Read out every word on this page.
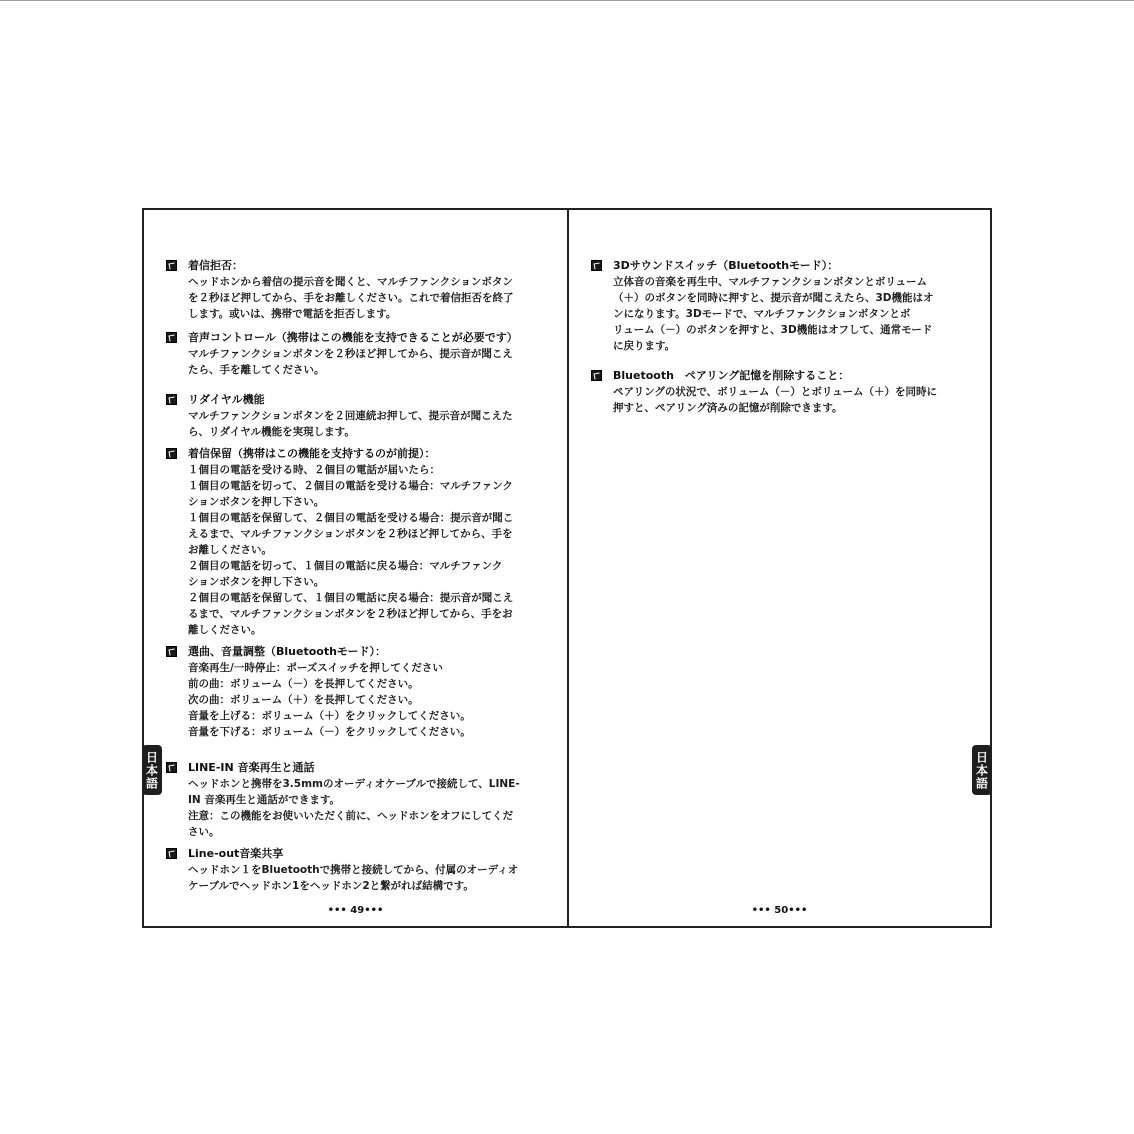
着信拒否：
ヘッドホンから着信の提示音を聞くと、マルチファンクションボタン
を２秒ほど押してから、手をお離しください。これで着信拒否を終了
します。或いは、携帯で電話を拒否します。
音声コントロール（携帯はこの機能を支持できることが必要です）
マルチファンクションボタンを２秒ほど押してから、提示音が聞こえ
たら、手を離してください。
リダイヤル機能
マルチファンクションボタンを２回連続お押して、提示音が聞こえた
ら、リダイヤル機能を実現します。
着信保留（携帯はこの機能を支持するのが前提）：
１個目の電話を受ける時、２個目の電話が届いたら：
１個目の電話を切って、２個目の電話を受ける場合：マルチファンク
ションボタンを押し下さい。
１個目の電話を保留して、２個目の電話を受ける場合：提示音が聞こ
えるまで、マルチファンクションボタンを２秒ほど押してから、手を
お離しください。
２個目の電話を切って、１個目の電話に戻る場合：マルチファンク
ションボタンを押し下さい。
２個目の電話を保留して、１個目の電話に戻る場合：提示音が聞こえ
るまで、マルチファンクションボタンを２秒ほど押してから、手をお
離しください。
選曲、音量調整（Bluetoothモード）：
音楽再生/一時停止：ポーズスイッチを押してください
前の曲：ボリューム（－）を長押してください。
次の曲：ボリューム（＋）を長押してください。
音量を上げる：ボリューム（＋）をクリックしてください。
音量を下げる：ボリューム（－）をクリックしてください。
LINE-IN 音楽再生と通話
ヘッドホンと携帯を3.5mmのオーディオケーブルで接続して、LINE-
IN 音楽再生と通話ができます。
注意：この機能をお使いいただく前に、ヘッドホンをオフにしてくだ
さい。
Line-out音楽共享
ヘッドホン１をBluetoothで携帯と接続してから、付属のオーディオ
ケーブルでヘッドホン1をヘッドホン2と繋がれば結構です。
••• 49•••
3Dサウンドスイッチ（Bluetoothモード）：
立体音の音楽を再生中、マルチファンクションボタンとボリューム
（＋）のボタンを同時に押すと、提示音が聞こえたら、3D機能はオ
ンになります。3Dモードで、マルチファンクションボタンとボ
リューム（－）のボタンを押すと、3D機能はオフして、通常モード
に戻ります。
Bluetooth　ペアリング記憶を削除すること：
ペアリングの状況で、ボリューム（－）とボリューム（＋）を同時に
押すと、ペアリング済みの記憶が削除できます。
••• 50•••
日本語	日本語
